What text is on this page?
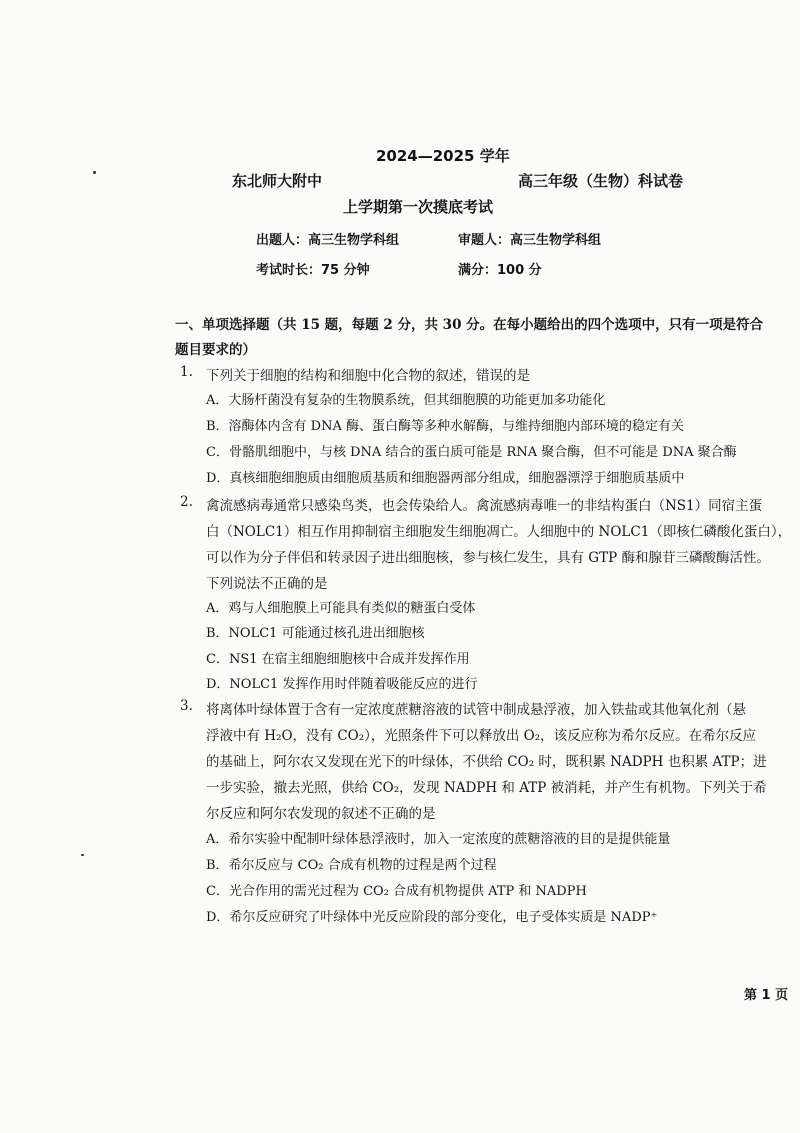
2024—2025 学年
东北师大附中	高三年级（生物）科试卷
上学期第一次摸底考试
出题人：高三生物学科组	审题人：高三生物学科组
考试时长：75 分钟	满分：100 分
一、单项选择题（共 15 题，每题 2 分，共 30 分。在每小题给出的四个选项中，只有一项是符合
题目要求的）
1. 下列关于细胞的结构和细胞中化合物的叙述，错误的是
A．大肠杆菌没有复杂的生物膜系统，但其细胞膜的功能更加多功能化
B．溶酶体内含有 DNA 酶、蛋白酶等多种水解酶，与维持细胞内部环境的稳定有关
C．骨骼肌细胞中，与核 DNA 结合的蛋白质可能是 RNA 聚合酶，但不可能是 DNA 聚合酶
D．真核细胞细胞质由细胞质基质和细胞器两部分组成，细胞器漂浮于细胞质基质中
2. 禽流感病毒通常只感染鸟类，也会传染给人。禽流感病毒唯一的非结构蛋白（NS1）同宿主蛋
白（NOLC1）相互作用抑制宿主细胞发生细胞凋亡。人细胞中的 NOLC1（即核仁磷酸化蛋白），
可以作为分子伴侣和转录因子进出细胞核，参与核仁发生，具有 GTP 酶和腺苷三磷酸酶活性。
下列说法不正确的是
A．鸡与人细胞膜上可能具有类似的糖蛋白受体
B．NOLC1 可能通过核孔进出细胞核
C．NS1 在宿主细胞细胞核中合成并发挥作用
D．NOLC1 发挥作用时伴随着吸能反应的进行
3. 将离体叶绿体置于含有一定浓度蔗糖溶液的试管中制成悬浮液，加入铁盐或其他氧化剂（悬
浮液中有 H₂O，没有 CO₂），光照条件下可以释放出 O₂，该反应称为希尔反应。在希尔反应
的基础上，阿尔农又发现在光下的叶绿体，不供给 CO₂ 时，既积累 NADPH 也积累 ATP；进
一步实验，撤去光照，供给 CO₂，发现 NADPH 和 ATP 被消耗，并产生有机物。下列关于希
尔反应和阿尔农发现的叙述不正确的是
A．希尔实验中配制叶绿体悬浮液时，加入一定浓度的蔗糖溶液的目的是提供能量
B．希尔反应与 CO₂ 合成有机物的过程是两个过程
C．光合作用的需光过程为 CO₂ 合成有机物提供 ATP 和 NADPH
D．希尔反应研究了叶绿体中光反应阶段的部分变化，电子受体实质是 NADP⁺
第 1 页
